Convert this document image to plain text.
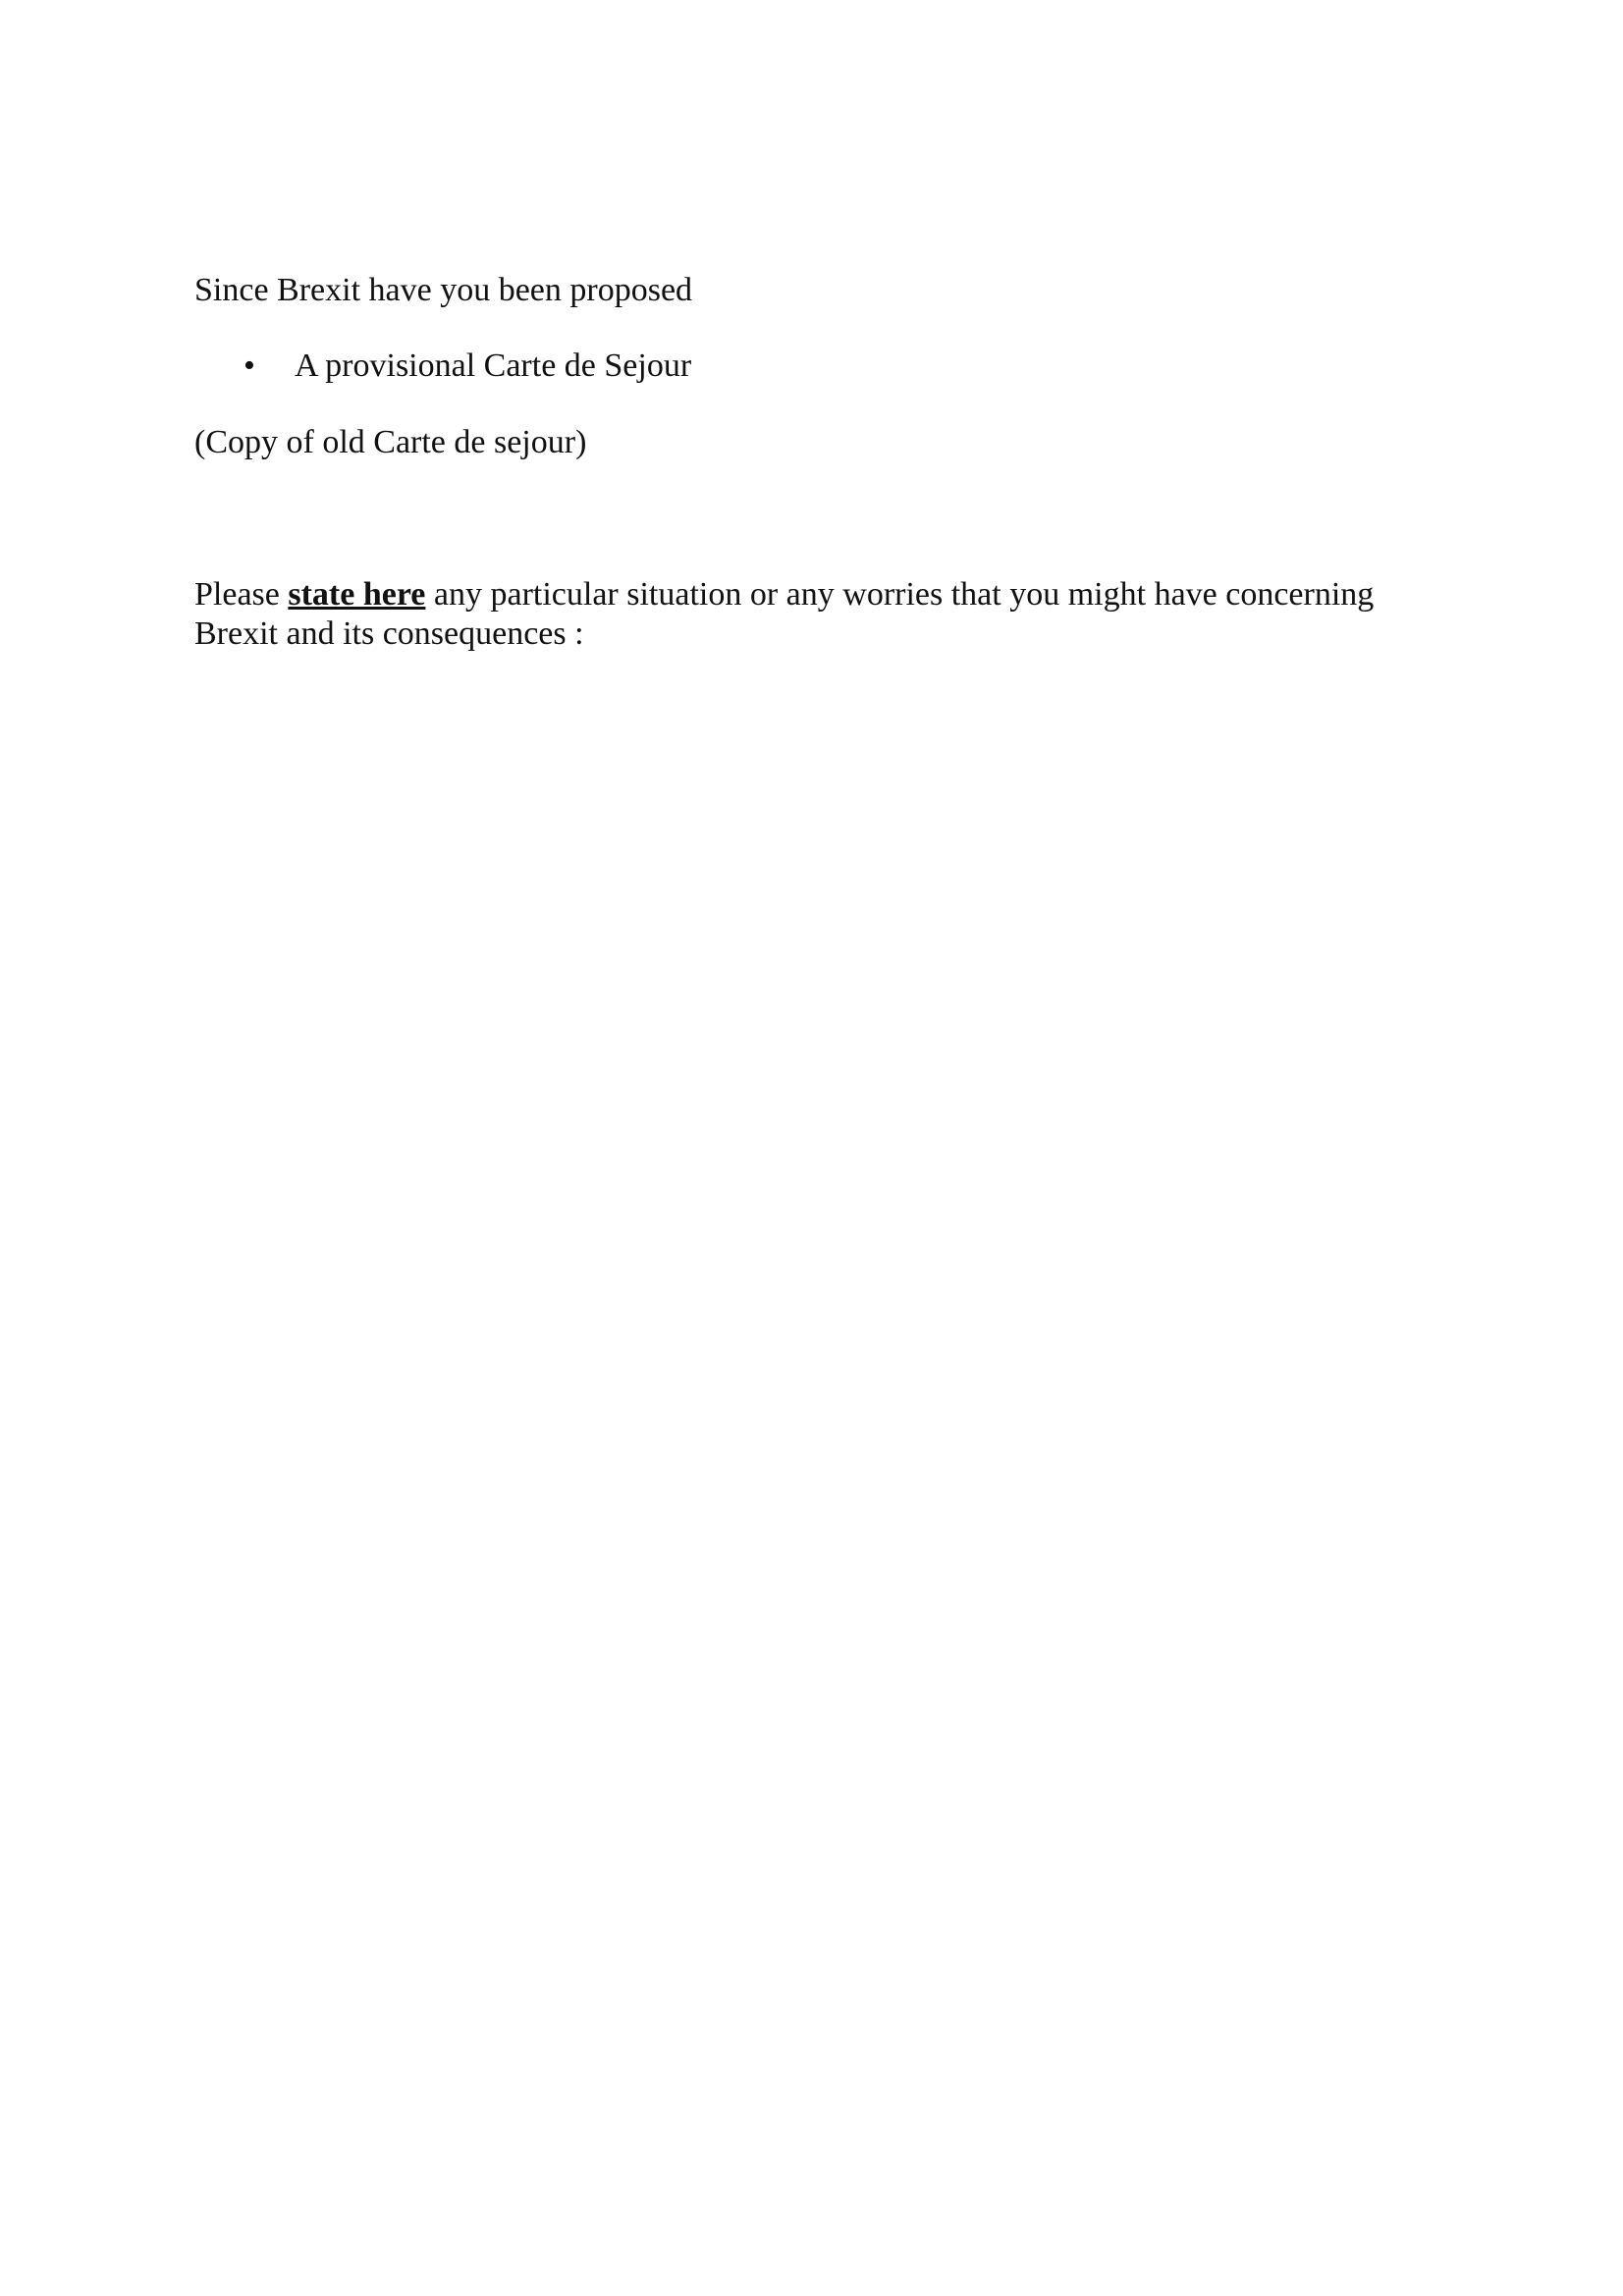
Since Brexit have you been proposed

• A provisional Carte de Sejour

(Copy of old Carte de sejour)

Please state here any particular situation or any worries that you might have concerning
Brexit and its consequences :
